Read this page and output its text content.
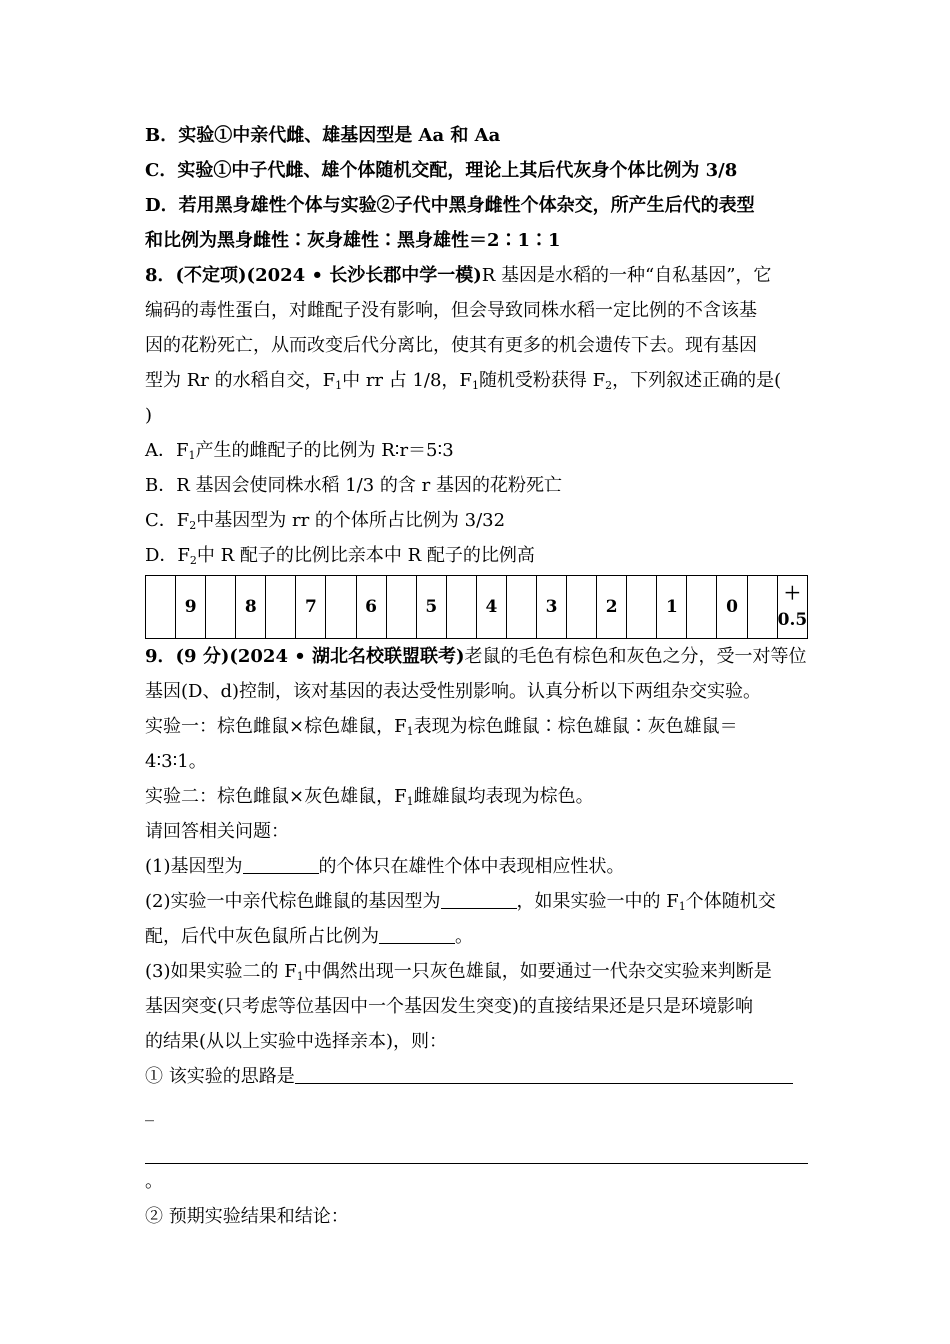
B．实验①中亲代雌、雄基因型是 Aa 和 Aa
C．实验①中子代雌、雄个体随机交配，理论上其后代灰身个体比例为 3/8
D．若用黑身雄性个体与实验②子代中黑身雌性个体杂交，所产生后代的表型
和比例为黑身雌性∶灰身雄性∶黑身雄性＝2∶1∶1
8．(不定项)(2024 • 长沙长郡中学一模)R 基因是水稻的一种“自私基因”，它
编码的毒性蛋白，对雌配子没有影响，但会导致同株水稻一定比例的不含该基
因的花粉死亡，从而改变后代分离比，使其有更多的机会遗传下去。现有基因
型为 Rr 的水稻自交，$F_1$中 rr 占 1/8，$F_1$随机受粉获得 $F_2$，下列叙述正确的是(
)
A．$F_1$产生的雌配子的比例为 R∶r＝5∶3
B．R 基因会使同株水稻 1/3 的含 r 基因的花粉死亡
C．$F_2$中基因型为 rr 的个体所占比例为 3/32
D．$F_2$中 R 配子的比例比亲本中 R 配子的比例高
	9		8		7		6		5		4		3		2		1		0		
＋
0.5
9．(9 分)(2024 • 湖北名校联盟联考)老鼠的毛色有棕色和灰色之分，受一对等位
基因(D、d)控制，该对基因的表达受性别影响。认真分析以下两组杂交实验。
实验一：棕色雌鼠×棕色雄鼠，$F_1$表现为棕色雌鼠∶棕色雄鼠∶灰色雄鼠＝
4∶3∶1。
实验二：棕色雌鼠×灰色雄鼠，$F_1$雌雄鼠均表现为棕色。
请回答相关问题：
(1)基因型为	的个体只在雄性个体中表现相应性状。
(2)实验一中亲代棕色雌鼠的基因型为	，如果实验一中的 $F_1$个体随机交
配，后代中灰色鼠所占比例为	。
(3)如果实验二的 $F_1$中偶然出现一只灰色雄鼠，如要通过一代杂交实验来判断是
基因突变(只考虑等位基因中一个基因发生突变)的直接结果还是只是环境影响
的结果(从以上实验中选择亲本)，则：
① 该实验的思路是
_
。
② 预期实验结果和结论：
